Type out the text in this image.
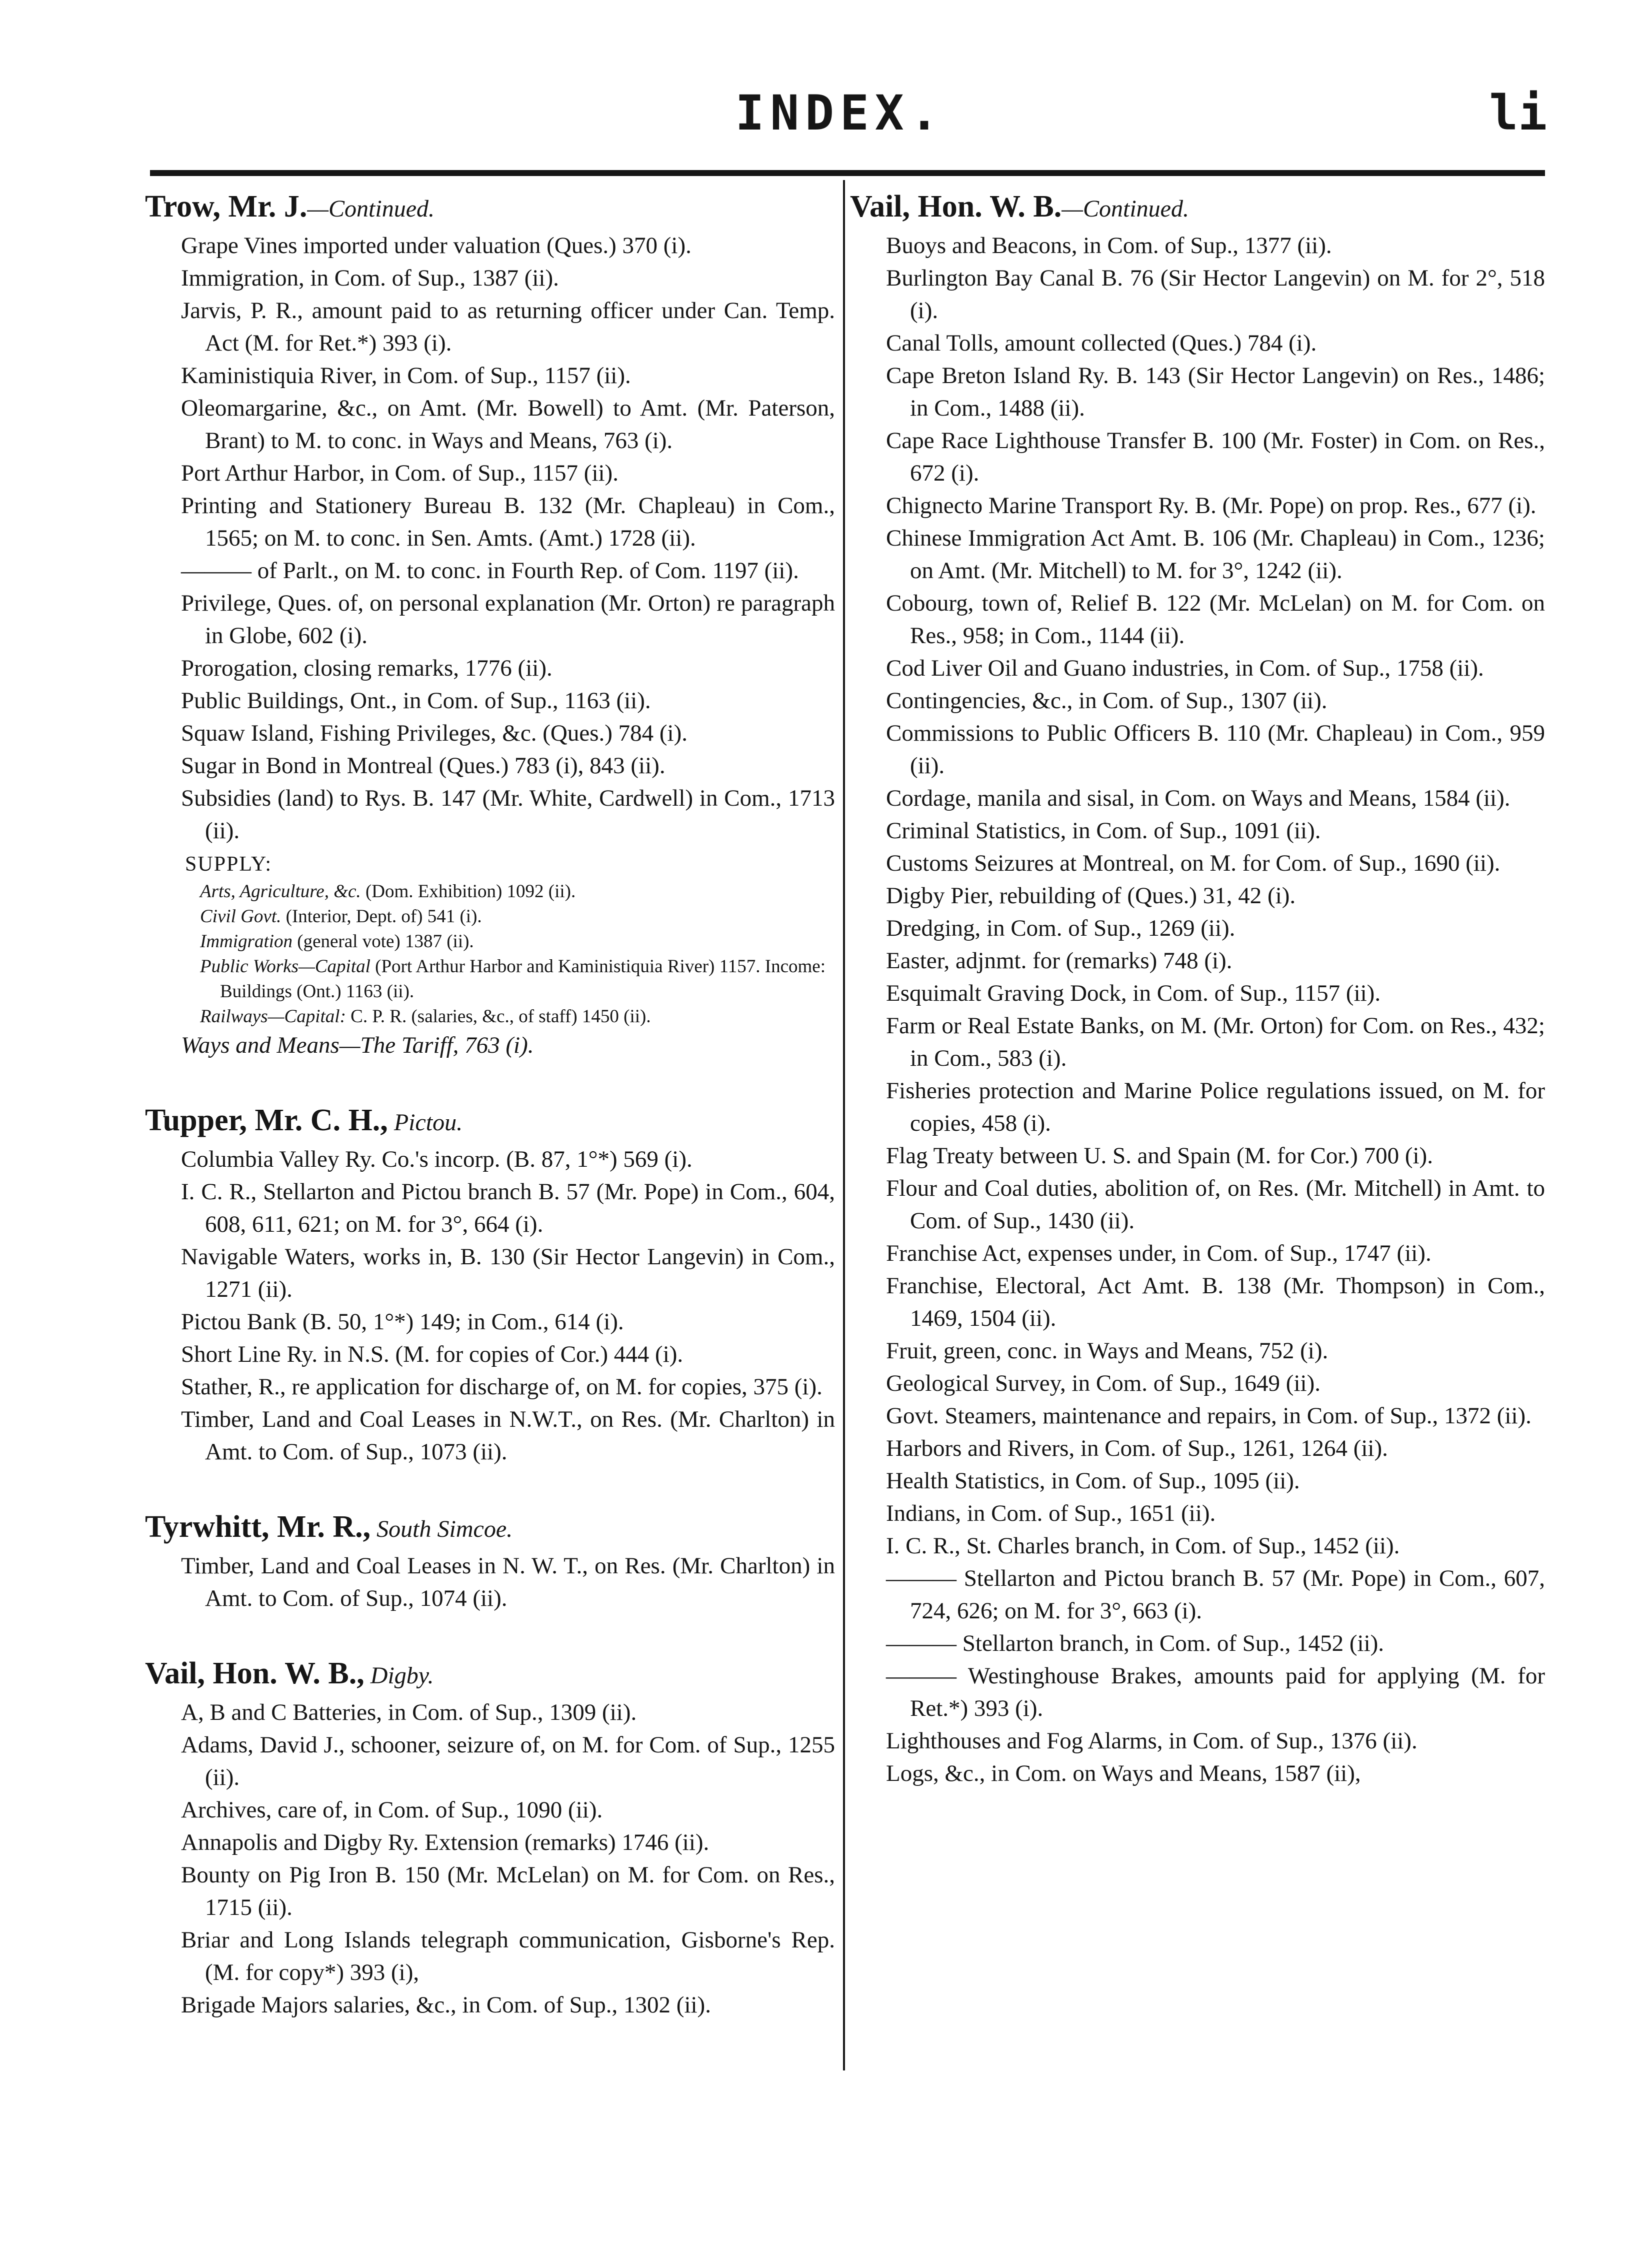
INDEX.	li
Trow, Mr. J.—Continued.

Grape Vines imported under valuation (Ques.) 370 (i).

Immigration, in Com. of Sup., 1387 (ii).

Jarvis, P. R., amount paid to as returning officer under Can. Temp. Act (M. for Ret.*) 393 (i).

Kaministiquia River, in Com. of Sup., 1157 (ii).

Oleomargarine, &c., on Amt. (Mr. Bowell) to Amt. (Mr. Paterson, Brant) to M. to conc. in Ways and Means, 763 (i).

Port Arthur Harbor, in Com. of Sup., 1157 (ii).

Printing and Stationery Bureau B. 132 (Mr. Chapleau) in Com., 1565; on M. to conc. in Sen. Amts. (Amt.) 1728 (ii).

——— of Parlt., on M. to conc. in Fourth Rep. of Com. 1197 (ii).

Privilege, Ques. of, on personal explanation (Mr. Orton) re paragraph in Globe, 602 (i).

Prorogation, closing remarks, 1776 (ii).

Public Buildings, Ont., in Com. of Sup., 1163 (ii).

Squaw Island, Fishing Privileges, &c. (Ques.) 784 (i).

Sugar in Bond in Montreal (Ques.) 783 (i), 843 (ii).

Subsidies (land) to Rys. B. 147 (Mr. White, Cardwell) in Com., 1713 (ii).

SUPPLY:

Arts, Agriculture, &c. (Dom. Exhibition) 1092 (ii).

Civil Govt. (Interior, Dept. of) 541 (i).

Immigration (general vote) 1387 (ii).

Public Works—Capital (Port Arthur Harbor and Kaministiquia River) 1157. Income: Buildings (Ont.) 1163 (ii).

Railways—Capital: C. P. R. (salaries, &c., of staff) 1450 (ii).

Ways and Means—The Tariff, 763 (i).
Tupper, Mr. C. H., Pictou.

Columbia Valley Ry. Co.'s incorp. (B. 87, 1°*) 569 (i).

I. C. R., Stellarton and Pictou branch B. 57 (Mr. Pope) in Com., 604, 608, 611, 621; on M. for 3°, 664 (i).

Navigable Waters, works in, B. 130 (Sir Hector Langevin) in Com., 1271 (ii).

Pictou Bank (B. 50, 1°*) 149; in Com., 614 (i).

Short Line Ry. in N.S. (M. for copies of Cor.) 444 (i).

Stather, R., re application for discharge of, on M. for copies, 375 (i).

Timber, Land and Coal Leases in N.W.T., on Res. (Mr. Charlton) in Amt. to Com. of Sup., 1073 (ii).

Tyrwhitt, Mr. R., South Simcoe.

Timber, Land and Coal Leases in N. W. T., on Res. (Mr. Charlton) in Amt. to Com. of Sup., 1074 (ii).

Vail, Hon. W. B., Digby.

A, B and C Batteries, in Com. of Sup., 1309 (ii).

Adams, David J., schooner, seizure of, on M. for Com. of Sup., 1255 (ii).

Archives, care of, in Com. of Sup., 1090 (ii).

Annapolis and Digby Ry. Extension (remarks) 1746 (ii).

Bounty on Pig Iron B. 150 (Mr. McLelan) on M. for Com. on Res., 1715 (ii).

Briar and Long Islands telegraph communication, Gisborne's Rep. (M. for copy*) 393 (i),

Brigade Majors salaries, &c., in Com. of Sup., 1302 (ii).

Vail, Hon. W. B.—Continued.

Buoys and Beacons, in Com. of Sup., 1377 (ii).

Burlington Bay Canal B. 76 (Sir Hector Langevin) on M. for 2°, 518 (i).

Canal Tolls, amount collected (Ques.) 784 (i).

Cape Breton Island Ry. B. 143 (Sir Hector Langevin) on Res., 1486; in Com., 1488 (ii).

Cape Race Lighthouse Transfer B. 100 (Mr. Foster) in Com. on Res., 672 (i).

Chignecto Marine Transport Ry. B. (Mr. Pope) on prop. Res., 677 (i).

Chinese Immigration Act Amt. B. 106 (Mr. Chapleau) in Com., 1236; on Amt. (Mr. Mitchell) to M. for 3°, 1242 (ii).

Cobourg, town of, Relief B. 122 (Mr. McLelan) on M. for Com. on Res., 958; in Com., 1144 (ii).

Cod Liver Oil and Guano industries, in Com. of Sup., 1758 (ii).

Contingencies, &c., in Com. of Sup., 1307 (ii).

Commissions to Public Officers B. 110 (Mr. Chapleau) in Com., 959 (ii).

Cordage, manila and sisal, in Com. on Ways and Means, 1584 (ii).

Criminal Statistics, in Com. of Sup., 1091 (ii).

Customs Seizures at Montreal, on M. for Com. of Sup., 1690 (ii).

Digby Pier, rebuilding of (Ques.) 31, 42 (i).

Dredging, in Com. of Sup., 1269 (ii).

Easter, adjnmt. for (remarks) 748 (i).

Esquimalt Graving Dock, in Com. of Sup., 1157 (ii).

Farm or Real Estate Banks, on M. (Mr. Orton) for Com. on Res., 432; in Com., 583 (i).

Fisheries protection and Marine Police regulations issued, on M. for copies, 458 (i).

Flag Treaty between U. S. and Spain (M. for Cor.) 700 (i).

Flour and Coal duties, abolition of, on Res. (Mr. Mitchell) in Amt. to Com. of Sup., 1430 (ii).

Franchise Act, expenses under, in Com. of Sup., 1747 (ii).

Franchise, Electoral, Act Amt. B. 138 (Mr. Thompson) in Com., 1469, 1504 (ii).

Fruit, green, conc. in Ways and Means, 752 (i).

Geological Survey, in Com. of Sup., 1649 (ii).

Govt. Steamers, maintenance and repairs, in Com. of Sup., 1372 (ii).

Harbors and Rivers, in Com. of Sup., 1261, 1264 (ii).

Health Statistics, in Com. of Sup., 1095 (ii).

Indians, in Com. of Sup., 1651 (ii).

I. C. R., St. Charles branch, in Com. of Sup., 1452 (ii).

——— Stellarton and Pictou branch B. 57 (Mr. Pope) in Com., 607, 724, 626; on M. for 3°, 663 (i).

——— Stellarton branch, in Com. of Sup., 1452 (ii).

——— Westinghouse Brakes, amounts paid for applying (M. for Ret.*) 393 (i).

Lighthouses and Fog Alarms, in Com. of Sup., 1376 (ii).

Logs, &c., in Com. on Ways and Means, 1587 (ii),
